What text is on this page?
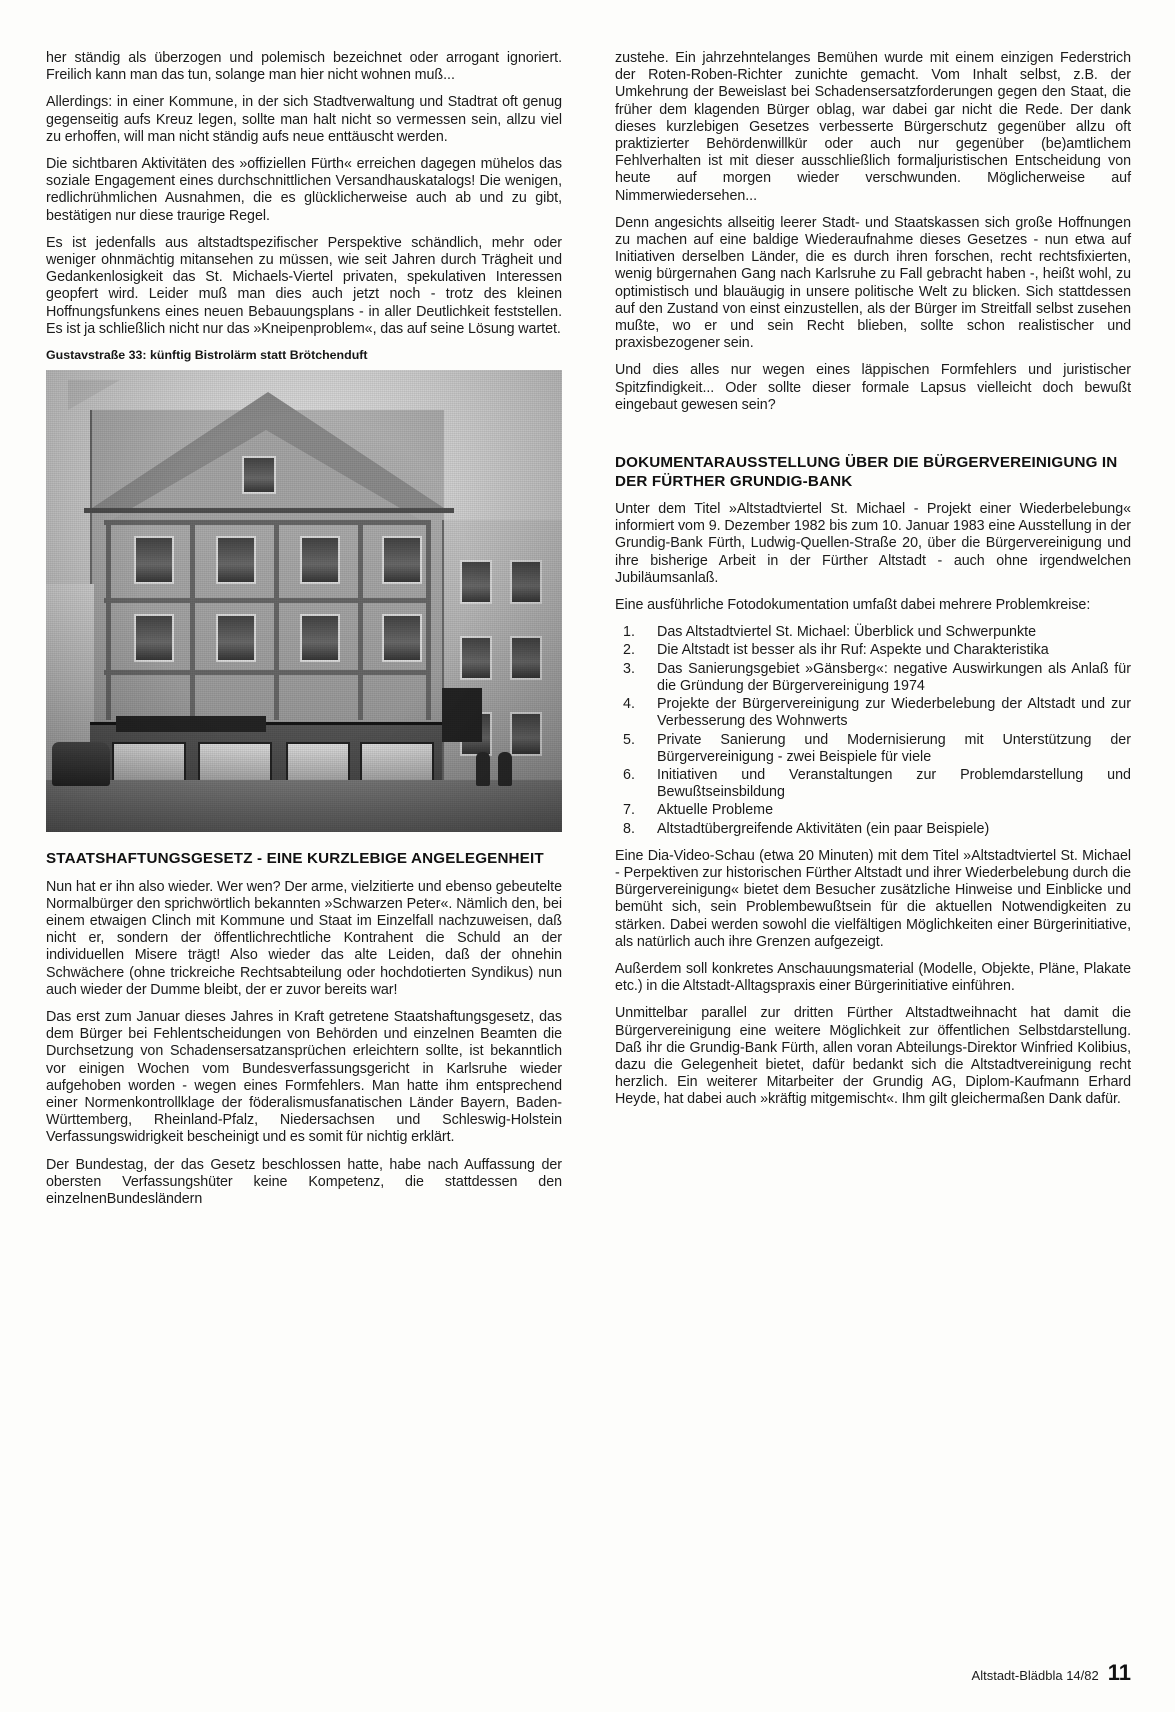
her ständig als überzogen und polemisch bezeichnet oder arrogant ignoriert. Freilich kann man das tun, solange man hier nicht wohnen muß...

Allerdings: in einer Kommune, in der sich Stadtverwaltung und Stadtrat oft genug gegenseitig aufs Kreuz legen, sollte man halt nicht so vermessen sein, allzu viel zu erhoffen, will man nicht ständig aufs neue enttäuscht werden.

Die sichtbaren Aktivitäten des »offiziellen Fürth« erreichen dagegen mühelos das soziale Engagement eines durchschnittlichen Versandhauskatalogs! Die wenigen, redlichrühmlichen Ausnahmen, die es glücklicherweise auch ab und zu gibt, bestätigen nur diese traurige Regel.

Es ist jedenfalls aus altstadtspezifischer Perspektive schändlich, mehr oder weniger ohnmächtig mitansehen zu müssen, wie seit Jahren durch Trägheit und Gedankenlosigkeit das St. Michaels-Viertel privaten, spekulativen Interessen geopfert wird. Leider muß man dies auch jetzt noch - trotz des kleinen Hoffnungsfunkens eines neuen Bebauungsplans - in aller Deutlichkeit feststellen. Es ist ja schließlich nicht nur das »Kneipenproblem«, das auf seine Lösung wartet.

Gustavstraße 33: künftig Bistrolärm statt Brötchenduft
STAATSHAFTUNGSGESETZ - EINE KURZLEBIGE ANGELEGENHEIT

Nun hat er ihn also wieder. Wer wen? Der arme, vielzitierte und ebenso gebeutelte Normalbürger den sprichwörtlich bekannten »Schwarzen Peter«. Nämlich den, bei einem etwaigen Clinch mit Kommune und Staat im Einzelfall nachzuweisen, daß nicht er, sondern der öffentlichrechtliche Kontrahent die Schuld an der individuellen Misere trägt! Also wieder das alte Leiden, daß der ohnehin Schwächere (ohne trickreiche Rechtsabteilung oder hochdotierten Syndikus) nun auch wieder der Dumme bleibt, der er zuvor bereits war!

Das erst zum Januar dieses Jahres in Kraft getretene Staatshaftungsgesetz, das dem Bürger bei Fehlentscheidungen von Behörden und einzelnen Beamten die Durchsetzung von Schadensersatzansprüchen erleichtern sollte, ist bekanntlich vor einigen Wochen vom Bundesverfassungsgericht in Karlsruhe wieder aufgehoben worden - wegen eines Formfehlers. Man hatte ihm entsprechend einer Normenkontrollklage der föderalismusfanatischen Länder Bayern, Baden-Württemberg, Rheinland-Pfalz, Niedersachsen und Schleswig-Holstein Verfassungswidrigkeit bescheinigt und es somit für nichtig erklärt.

Der Bundestag, der das Gesetz beschlossen hatte, habe nach Auffassung der obersten Verfassungshüter keine Kompetenz, die stattdessen den einzelnenBundesländern

zustehe. Ein jahrzehntelanges Bemühen wurde mit einem einzigen Federstrich der Roten-Roben-Richter zunichte gemacht. Vom Inhalt selbst, z.B. der Umkehrung der Beweislast bei Schadensersatzforderungen gegen den Staat, die früher dem klagenden Bürger oblag, war dabei gar nicht die Rede. Der dank dieses kurzlebigen Gesetzes verbesserte Bürgerschutz gegenüber allzu oft praktizierter Behördenwillkür oder auch nur gegenüber (be)amtlichem Fehlverhalten ist mit dieser ausschließlich formaljuristischen Entscheidung von heute auf morgen wieder verschwunden. Möglicherweise auf Nimmerwiedersehen...

Denn angesichts allseitig leerer Stadt- und Staatskassen sich große Hoffnungen zu machen auf eine baldige Wiederaufnahme dieses Gesetzes - nun etwa auf Initiativen derselben Länder, die es durch ihren forschen, recht rechtsfixierten, wenig bürgernahen Gang nach Karlsruhe zu Fall gebracht haben -, heißt wohl, zu optimistisch und blauäugig in unsere politische Welt zu blicken. Sich stattdessen auf den Zustand von einst einzustellen, als der Bürger im Streitfall selbst zusehen mußte, wo er und sein Recht blieben, sollte schon realistischer und praxisbezogener sein.

Und dies alles nur wegen eines läppischen Formfehlers und juristischer Spitzfindigkeit... Oder sollte dieser formale Lapsus vielleicht doch bewußt eingebaut gewesen sein?

DOKUMENTARAUSSTELLUNG ÜBER DIE BÜRGERVEREINIGUNG IN DER FÜRTHER GRUNDIG-BANK

Unter dem Titel »Altstadtviertel St. Michael - Projekt einer Wiederbelebung« informiert vom 9. Dezember 1982 bis zum 10. Januar 1983 eine Ausstellung in der Grundig-Bank Fürth, Ludwig-Quellen-Straße 20, über die Bürgervereinigung und ihre bisherige Arbeit in der Fürther Altstadt - auch ohne irgendwelchen Jubiläumsanlaß.

Eine ausführliche Fotodokumentation umfaßt dabei mehrere Problemkreise:

1.	Das Altstadtviertel St. Michael: Überblick und Schwerpunkte
2.	Die Altstadt ist besser als ihr Ruf: Aspekte und Charakteristika
3.	Das Sanierungsgebiet »Gänsberg«: negative Auswirkungen als Anlaß für die Gründung der Bürgervereinigung 1974
4.	Projekte der Bürgervereinigung zur Wiederbelebung der Altstadt und zur Verbesserung des Wohnwerts
5.	Private Sanierung und Modernisierung mit Unterstützung der Bürgervereinigung - zwei Beispiele für viele
6.	Initiativen und Veranstaltungen zur Problemdarstellung und Bewußtseinsbildung
7.	Aktuelle Probleme
8.	Altstadtübergreifende Aktivitäten (ein paar Beispiele)

Eine Dia-Video-Schau (etwa 20 Minuten) mit dem Titel »Altstadtviertel St. Michael - Perpektiven zur historischen Fürther Altstadt und ihrer Wiederbelebung durch die Bürgervereinigung« bietet dem Besucher zusätzliche Hinweise und Einblicke und bemüht sich, sein Problembewußtsein für die aktuellen Notwendigkeiten zu stärken. Dabei werden sowohl die vielfältigen Möglichkeiten einer Bürgerinitiative, als natürlich auch ihre Grenzen aufgezeigt.

Außerdem soll konkretes Anschauungsmaterial (Modelle, Objekte, Pläne, Plakate etc.) in die Altstadt-Alltagspraxis einer Bürgerinitiative einführen.

Unmittelbar parallel zur dritten Fürther Altstadtweihnacht hat damit die Bürgervereinigung eine weitere Möglichkeit zur öffentlichen Selbstdarstellung. Daß ihr die Grundig-Bank Fürth, allen voran Abteilungs-Direktor Winfried Kolibius, dazu die Gelegenheit bietet, dafür bedankt sich die Altstadtvereinigung recht herzlich. Ein weiterer Mitarbeiter der Grundig AG, Diplom-Kaufmann Erhard Heyde, hat dabei auch »kräftig mitgemischt«. Ihm gilt gleichermaßen Dank dafür.

Altstadt-Blädbla 14/82 11
